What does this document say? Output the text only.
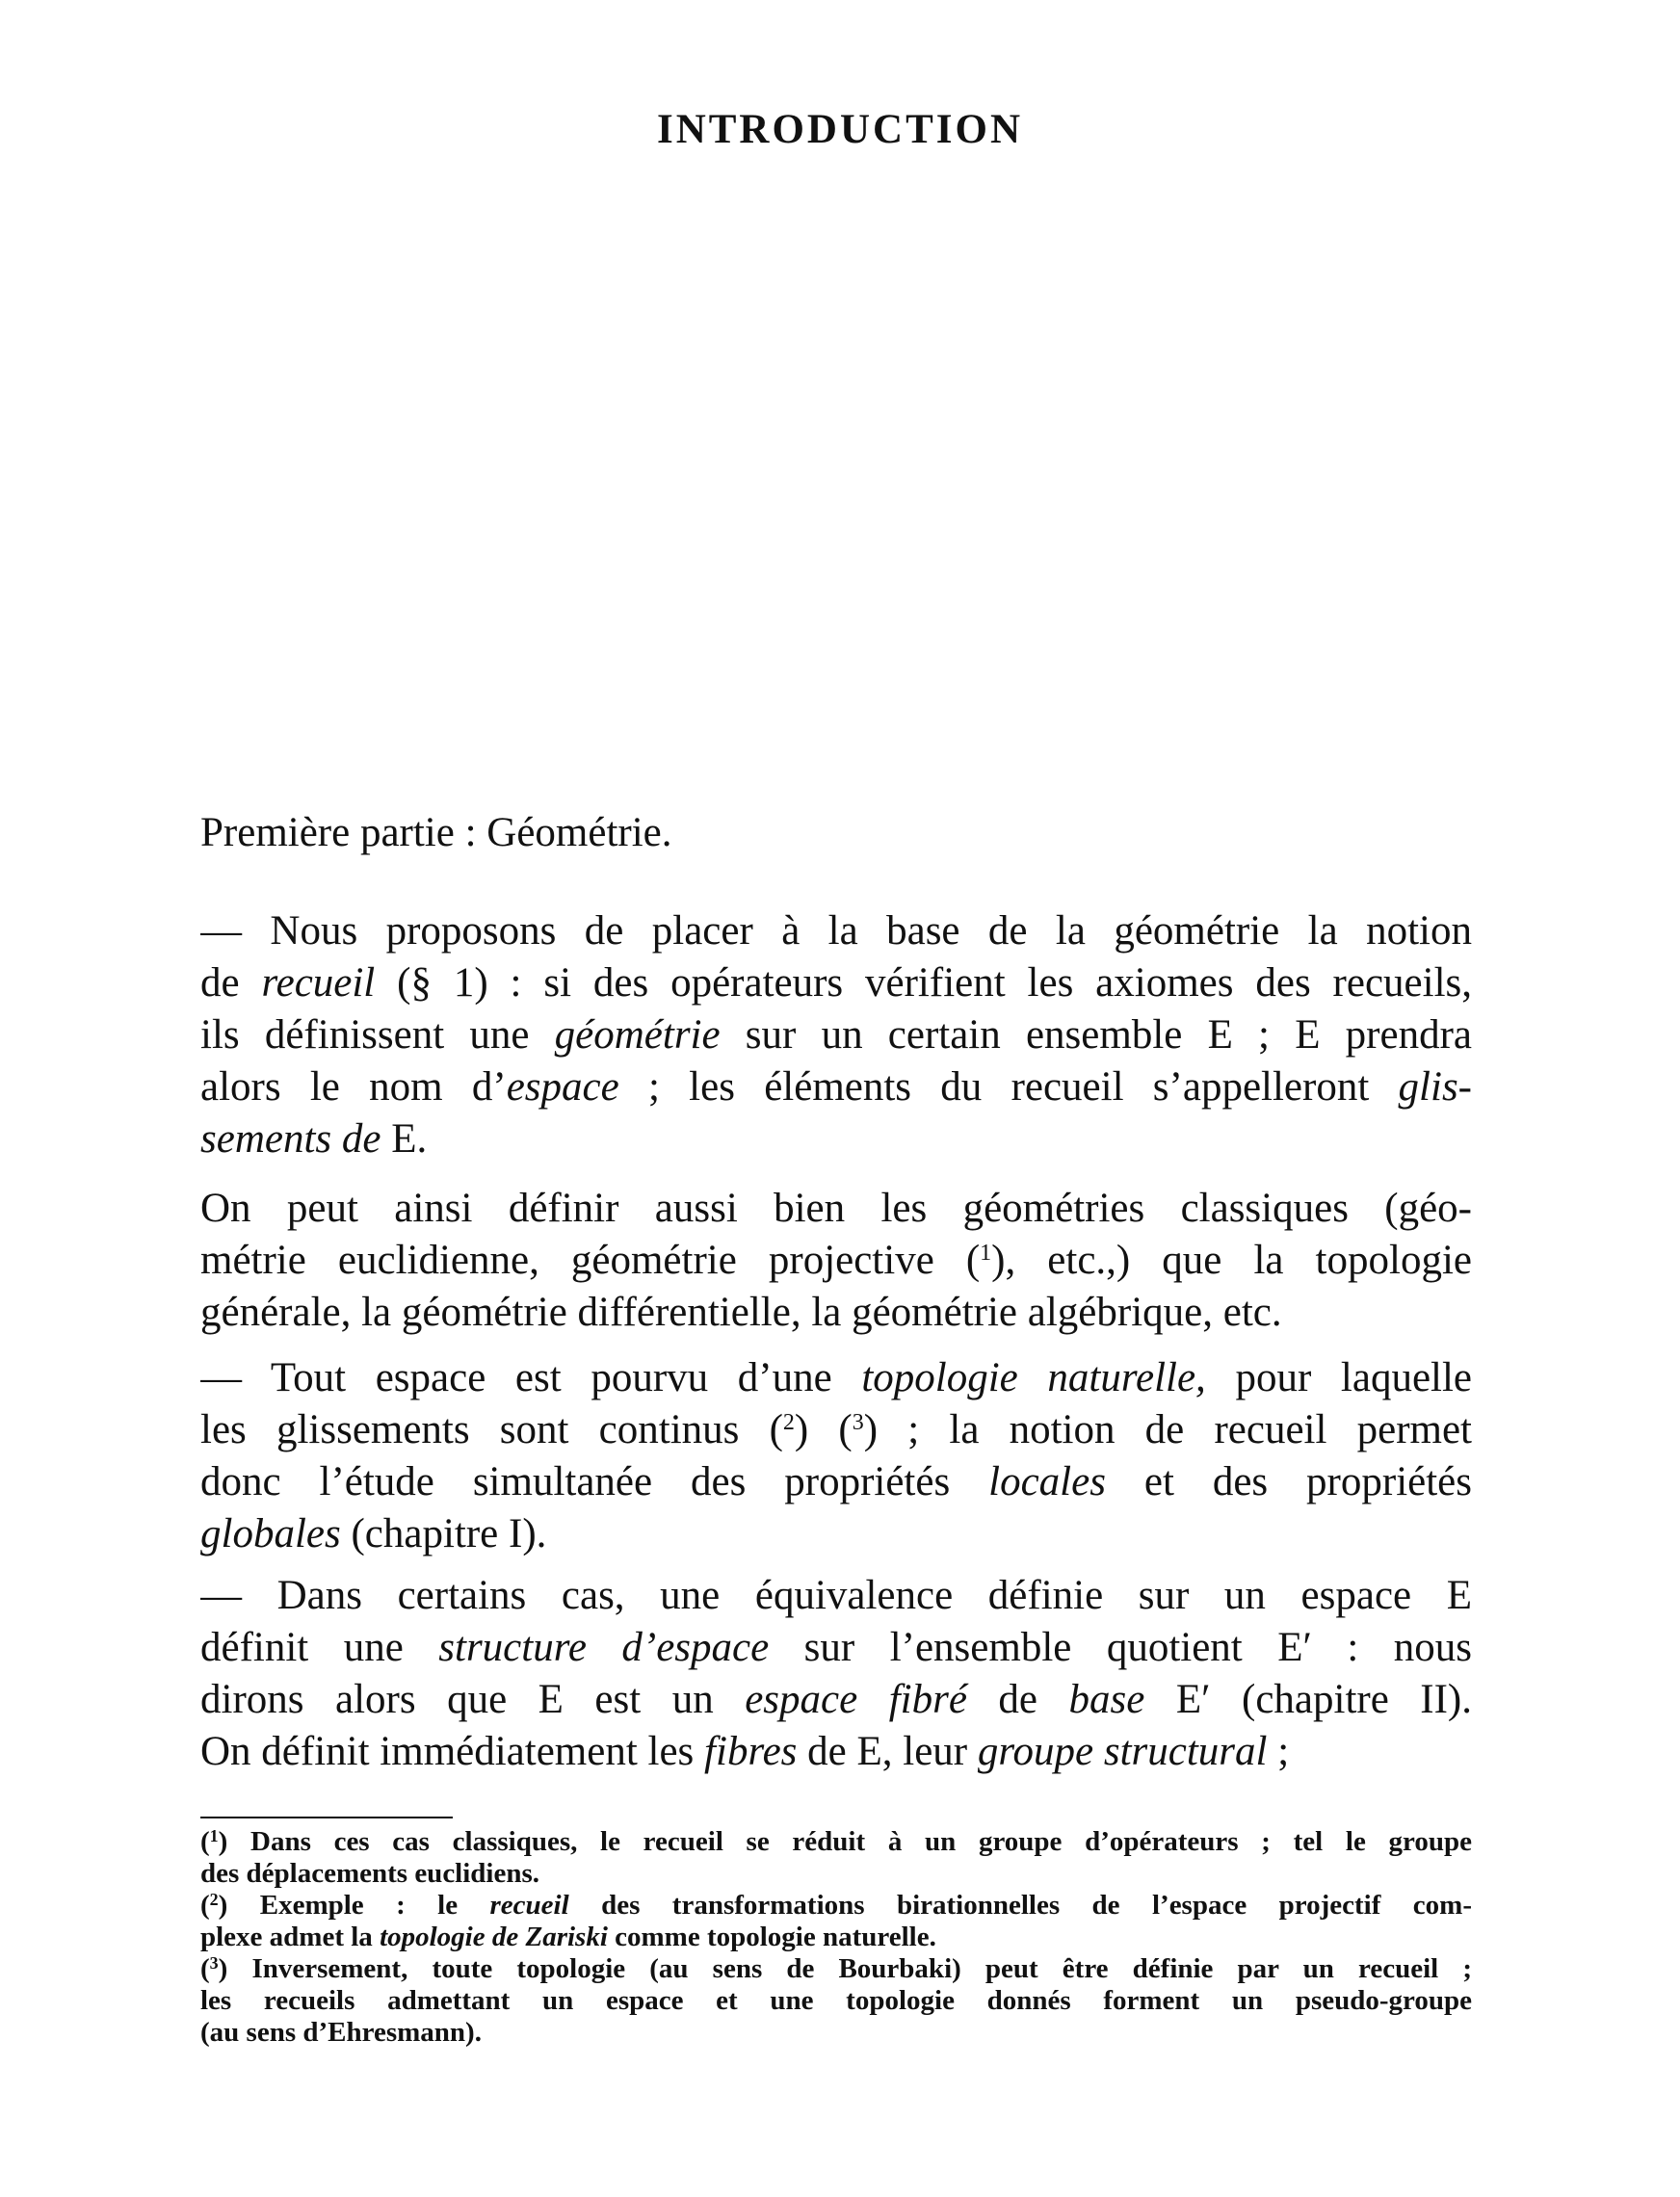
INTRODUCTION
Première partie : Géométrie.
— Nous proposons de placer à la base de la géométrie la notion
de recueil (§ 1) : si des opérateurs vérifient les axiomes des recueils,
ils définissent une géométrie sur un certain ensemble E ; E prendra
alors le nom d’espace ; les éléments du recueil s’appelleront glis-
sements de E.
On peut ainsi définir aussi bien les géométries classiques (géo-
métrie euclidienne, géométrie projective ($^1$), etc.,) que la topologie
générale, la géométrie différentielle, la géométrie algébrique, etc.
— Tout espace est pourvu d’une topologie naturelle, pour laquelle
les glissements sont continus ($^2$) ($^3$) ; la notion de recueil permet
donc l’étude simultanée des propriétés locales et des propriétés
globales (chapitre I).
— Dans certains cas, une équivalence définie sur un espace E
définit une structure d’espace sur l’ensemble quotient E′ : nous
dirons alors que E est un espace fibré de base E′ (chapitre II).
On définit immédiatement les fibres de E, leur groupe structural ;
($^1$) Dans ces cas classiques, le recueil se réduit à un groupe d’opérateurs ; tel le groupe
des déplacements euclidiens.
($^2$) Exemple : le recueil des transformations birationnelles de l’espace projectif com-
plexe admet la topologie de Zariski comme topologie naturelle.
($^3$) Inversement, toute topologie (au sens de Bourbaki) peut être définie par un recueil ;
les recueils admettant un espace et une topologie donnés forment un pseudo-groupe
(au sens d’Ehresmann).
